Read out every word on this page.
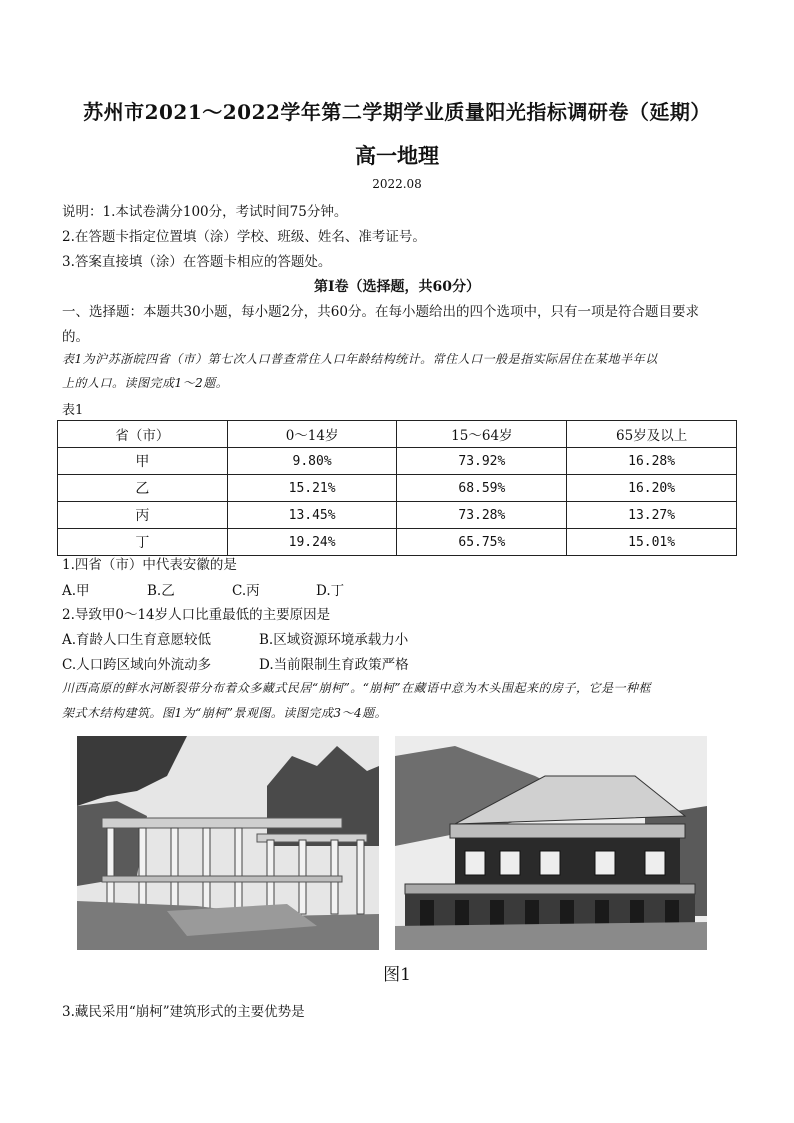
苏州市2021～2022学年第二学期学业质量阳光指标调研卷（延期）
高一地理
2022.08
说明：1.本试卷满分100分，考试时间75分钟。
2.在答题卡指定位置填（涂）学校、班级、姓名、准考证号。
3.答案直接填（涂）在答题卡相应的答题处。
第Ⅰ卷（选择题，共60分）
一、选择题：本题共30小题，每小题2分，共60分。在每小题给出的四个选项中，只有一项是符合题目要求
的。
表1为沪苏浙皖四省（市）第七次人口普查常住人口年龄结构统计。常住人口一般是指实际居住在某地半年以
上的人口。读图完成1～2题。
表1
省（市）	0～14岁	15～64岁	65岁及以上
甲	9.80%	73.92%	16.28%
乙	15.21%	68.59%	16.20%
丙	13.45%	73.28%	13.27%
丁	19.24%	65.75%	15.01%
1.四省（市）中代表安徽的是
A.甲	B.乙	C.丙	D.丁
2.导致甲0～14岁人口比重最低的主要原因是
A.育龄人口生育意愿较低	B.区域资源环境承载力小
C.人口跨区域向外流动多	D.当前限制生育政策严格
川西高原的鲜水河断裂带分布着众多藏式民居“崩柯”。“崩柯”在藏语中意为木头围起来的房子，它是一种框
架式木结构建筑。图1为“崩柯”景观图。读图完成3～4题。
图1
3.藏民采用“崩柯”建筑形式的主要优势是
